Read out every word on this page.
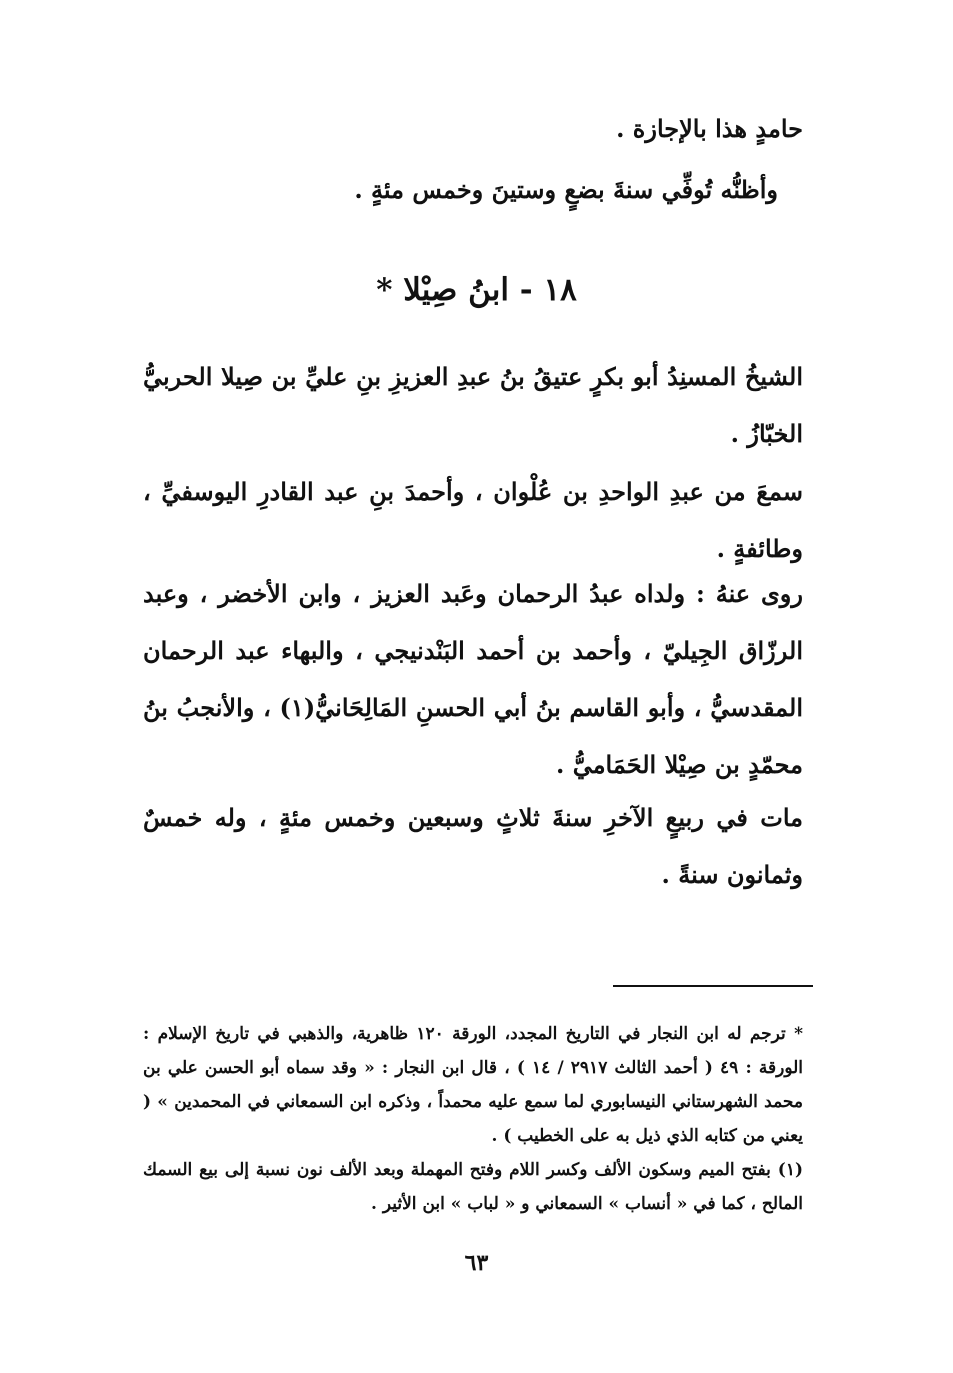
حامدٍ هذا بالإجازة .
وأظنُّه تُوفِّي سنةَ بضعٍ وستينَ وخمس مئةٍ .
١٨ - ابنُ صِيْلا *
الشيخُ المسنِدُ أبو بكرٍ عتيقُ بنُ عبدِ العزيزِ بنِ عليِّ بن صِيلا الحربيُّ الخبّازُ .
سمعَ من عبدِ الواحدِ بن عُلْوان ، وأحمدَ بنِ عبد القادرِ اليوسفيِّ ، وطائفةٍ .
روى عنهُ : ولداه عبدُ الرحمان وعَبد العزيز ، وابن الأخضر ، وعبد الرزّاق الجِيليّ ، وأحمد بن أحمد البَنْدنيجي ، والبهاء عبد الرحمان المقدسيُّ ، وأبو القاسم بنُ أبي الحسنِ المَالِحَانيُّ(١) ، والأنجبُ بنُ محمّدٍ بن صِيْلا الحَمَاميُّ .
مات في ربيعٍ الآخرِ سنةَ ثلاثٍ وسبعين وخمس مئةٍ ، وله خمسٌ وثمانون سنةً .
* ترجم له ابن النجار في التاريخ المجدد، الورقة ١٢٠ ظاهرية، والذهبي في تاريخ الإسلام : الورقة : ٤٩ ( أحمد الثالث ٢٩١٧ / ١٤ ) ، قال ابن النجار : « وقد سماه أبو الحسن علي بن محمد الشهرستاني النيسابوري لما سمع عليه محمداً ، وذكره ابن السمعاني في المحمدين » ( يعني من كتابه الذي ذيل به على الخطيب ) .
(١) بفتح الميم وسكون الألف وكسر اللام وفتح المهملة وبعد الألف نون نسبة إلى بيع السمك المالح ، كما في « أنساب » السمعاني و « لباب » ابن الأثير .
٦٣
